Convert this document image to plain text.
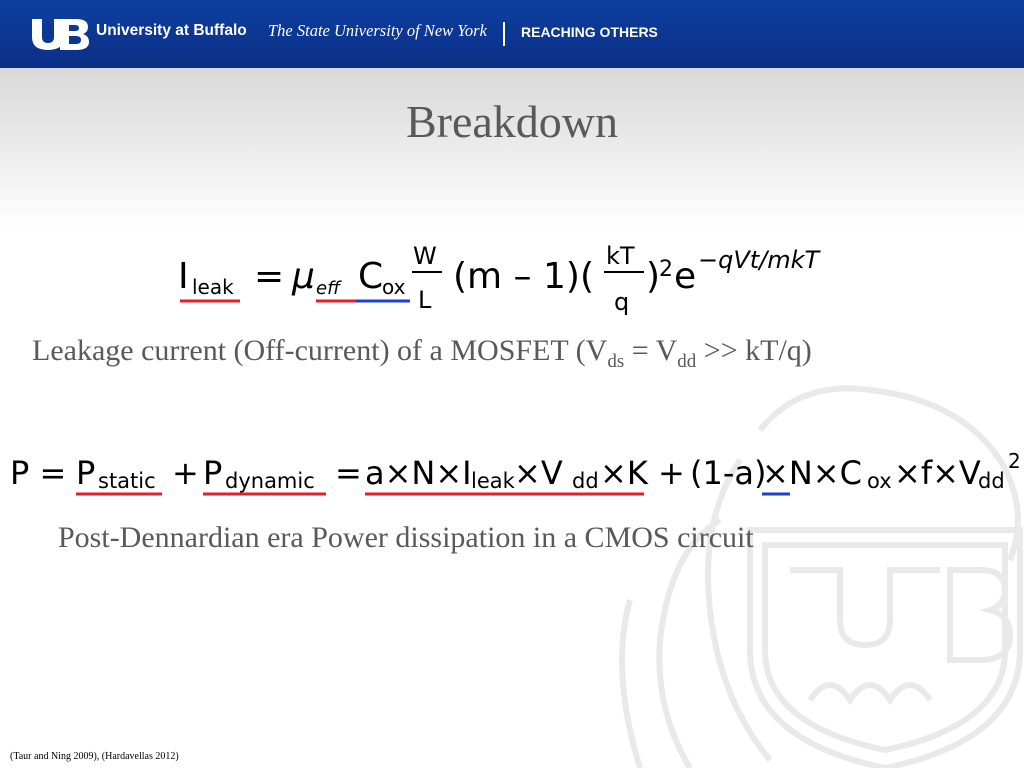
University at Buffalo The State University of New York REACHING OTHERS
Breakdown
I leak = μ eff C
ox
W
L
(m – 1)( kT
q
)
2 e −qVt/mkT
Leakage current (Off-current) of a MOSFET $(V_{ds} = V_{dd} >> kT/q)$
P = P static + P dynamic = a×N×I leak ×V dd ×K + (1-a)
×N×C ox ×f×V
dd
2
Post-Dennardian era Power dissipation in a CMOS circuit
(Taur and Ning 2009), (Hardavellas 2012)
